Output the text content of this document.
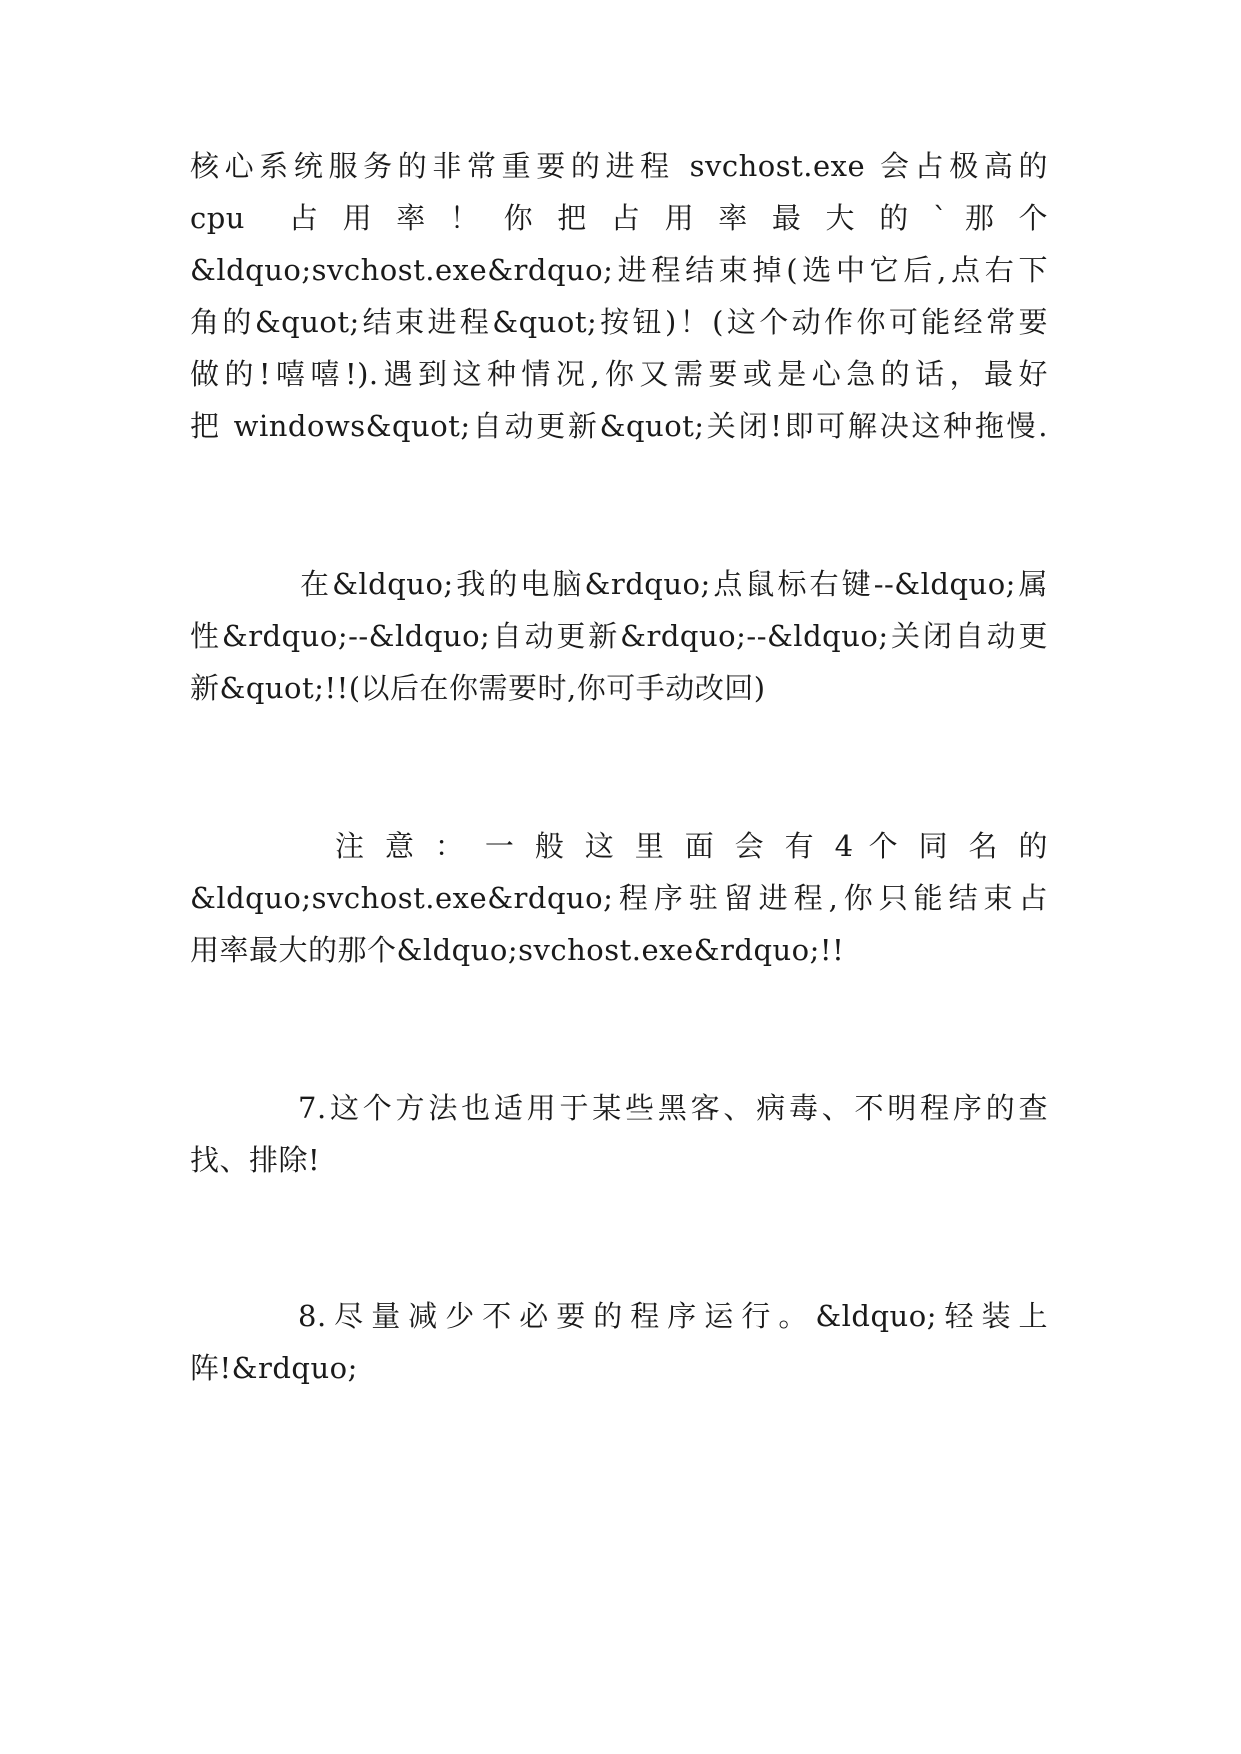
核心系统服务的非常重要的进程 svchost.exe 会占极高的
cpu　占 用 率 ！ 你 把 占 用 率 最 大 的 ` 那 个
&ldquo;svchost.exe&rdquo;进程结束掉(选中它后,点右下
角的&quot;结束进程&quot;按钮)！(这个动作你可能经常要
做的!嘻嘻!).遇到这种情况,你又需要或是心急的话，最好
把 windows&quot;自动更新&quot;关闭!即可解决这种拖慢.
在&ldquo;我的电脑&rdquo;点鼠标右键--&ldquo;属
性&rdquo;--&ldquo;自动更新&rdquo;--&ldquo;关闭自动更
新&quot;!!(以后在你需要时,你可手动改回)
注 意 ： 一 般 这 里 面 会 有 4 个 同 名 的
&ldquo;svchost.exe&rdquo;程序驻留进程,你只能结束占
用率最大的那个&ldquo;svchost.exe&rdquo;!!
7.这个方法也适用于某些黑客、病毒、不明程序的查
找、排除!
8.尽量减少不必要的程序运行。&ldquo;轻装上
阵!&rdquo;
